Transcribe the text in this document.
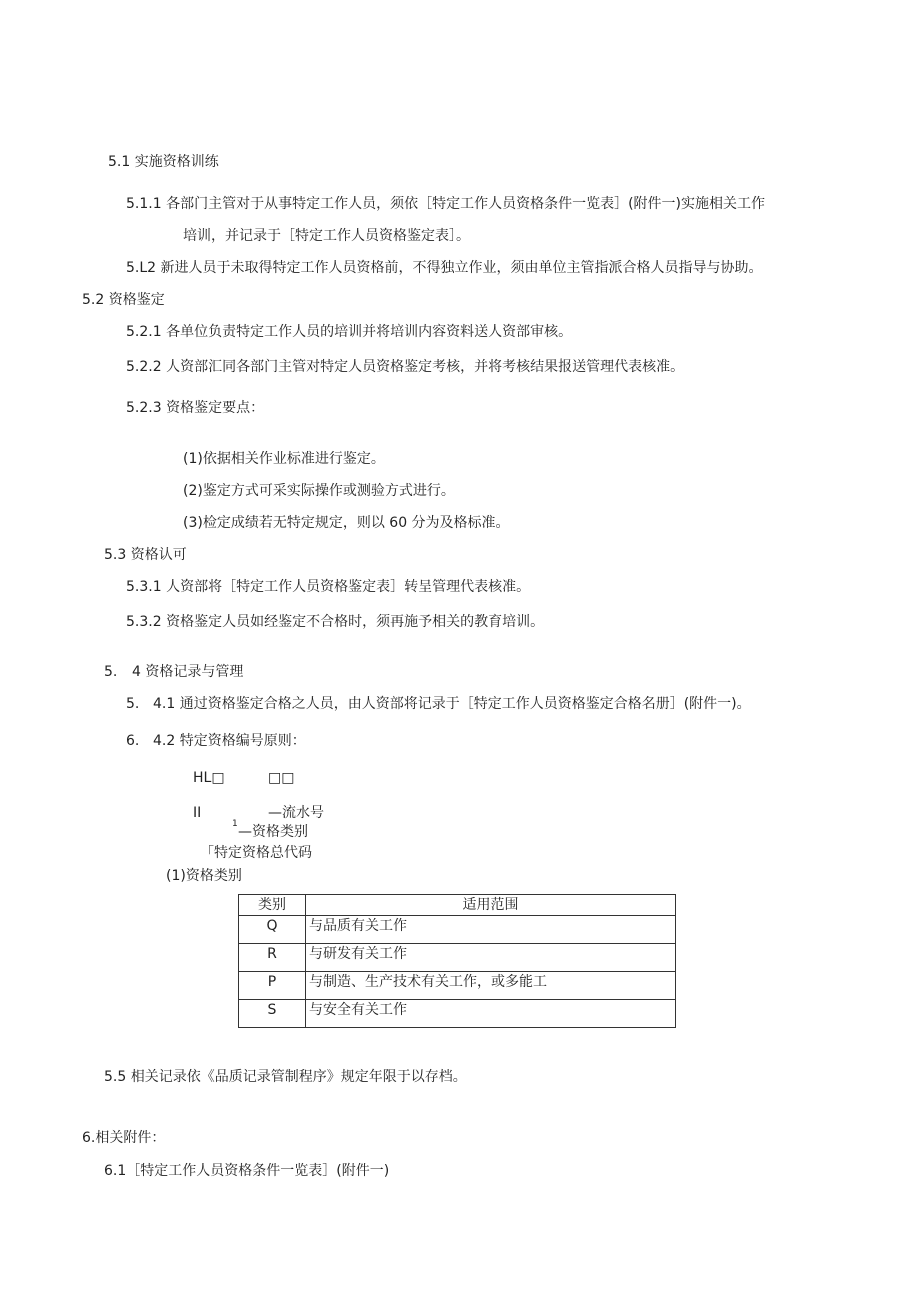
5.1 实施资格训练
5.1.1 各部门主管对于从事特定工作人员，须依［特定工作人员资格条件一览表］(附件一)实施相关工作
培训，并记录于［特定工作人员资格鉴定表］。
5.L2 新进人员于未取得特定工作人员资格前，不得独立作业，须由单位主管指派合格人员指导与协助。
5.2 资格鉴定
5.2.1 各单位负责特定工作人员的培训并将培训内容资料送人资部审核。
5.2.2 人资部汇同各部门主管对特定人员资格鉴定考核，并将考核结果报送管理代表核准。
5.2.3 资格鉴定要点：
(1)依据相关作业标准进行鉴定。
(2)鉴定方式可采实际操作或测验方式进行。
(3)检定成绩若无特定规定，则以 60 分为及格标准。
5.3 资格认可
5.3.1 人资部将［特定工作人员资格鉴定表］转呈管理代表核准。
5.3.2 资格鉴定人员如经鉴定不合格时，须再施予相关的教育培训。
5. 4 资格记录与管理
5. 4.1 通过资格鉴定合格之人员，由人资部将记录于［特定工作人员资格鉴定合格名册］(附件一)。
6. 4.2 特定资格编号原则：
HL□	□□
II	—流水号
1 —资格类别
「特定资格总代码
(1)资格类别
类别	适用范围
Q	与品质有关工作
R	与研发有关工作
P	与制造、生产技术有关工作，或多能工
S	与安全有关工作
5.5 相关记录依《品质记录管制程序》规定年限于以存档。
6.相关附件：
6.1［特定工作人员资格条件一览表］(附件一)
